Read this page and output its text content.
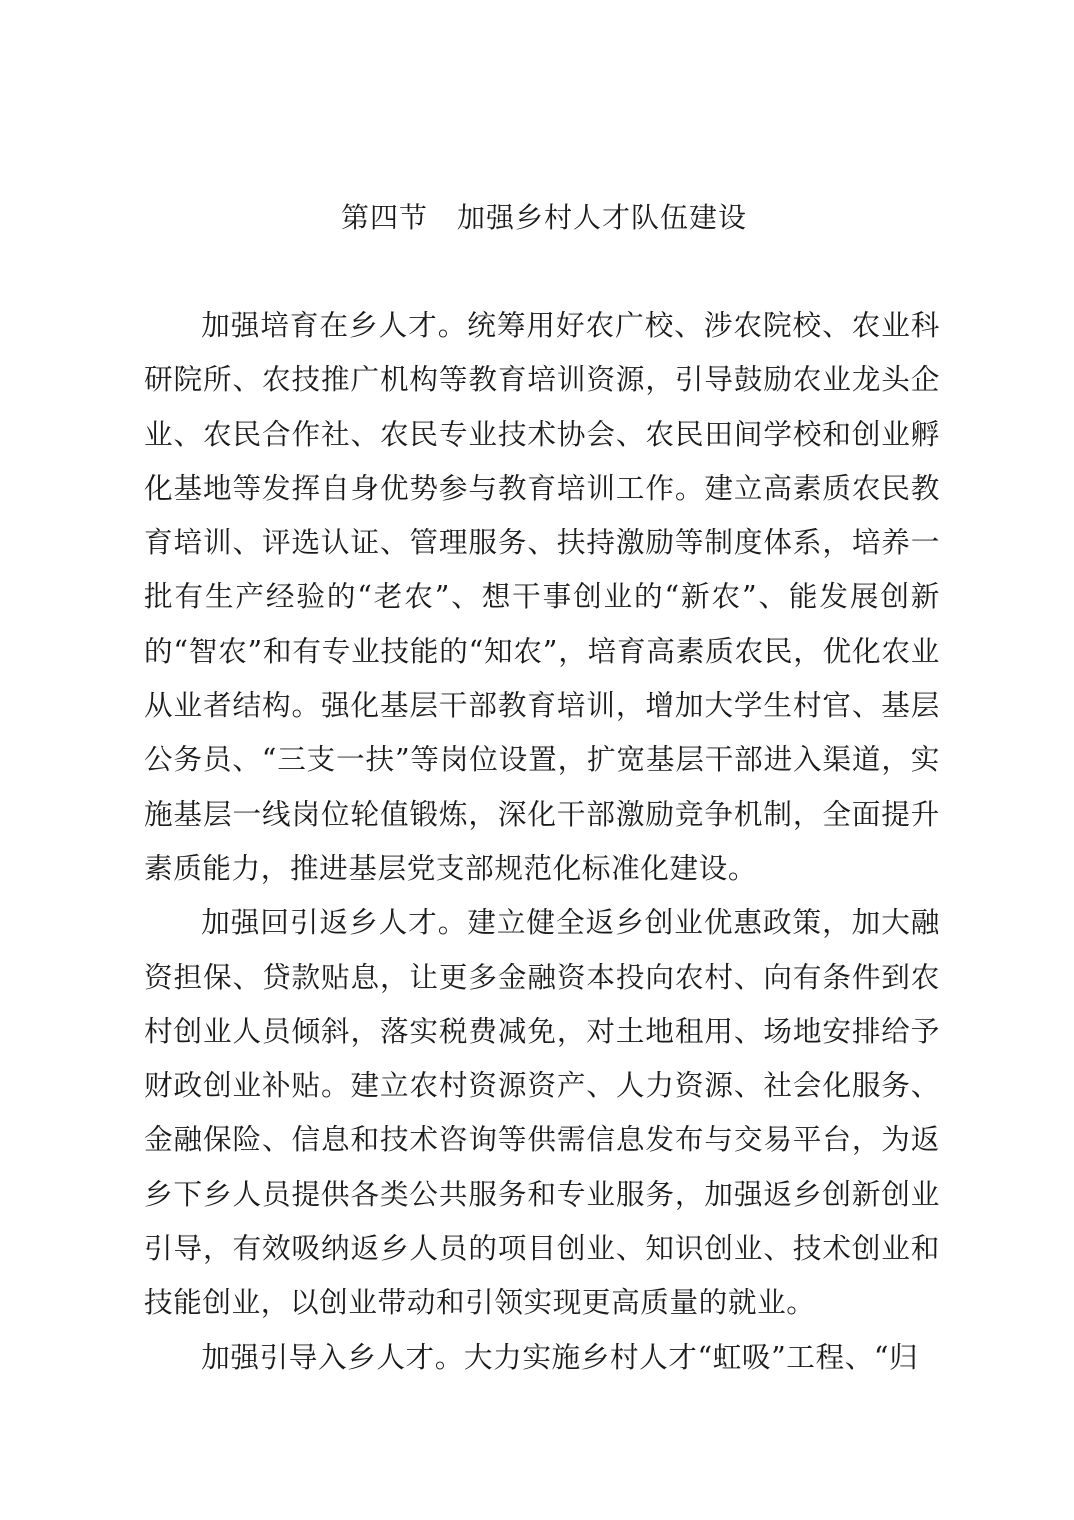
第四节　加强乡村人才队伍建设

加强培育在乡人才。统筹用好农广校、涉农院校、农业科研院所、农技推广机构等教育培训资源，引导鼓励农业龙头企业、农民合作社、农民专业技术协会、农民田间学校和创业孵化基地等发挥自身优势参与教育培训工作。建立高素质农民教育培训、评选认证、管理服务、扶持激励等制度体系，培养一批有生产经验的“老农”、想干事创业的“新农”、能发展创新的“智农”和有专业技能的“知农”，培育高素质农民，优化农业从业者结构。强化基层干部教育培训，增加大学生村官、基层公务员、“三支一扶”等岗位设置，扩宽基层干部进入渠道，实施基层一线岗位轮值锻炼，深化干部激励竞争机制，全面提升素质能力，推进基层党支部规范化标准化建设。

加强回引返乡人才。建立健全返乡创业优惠政策，加大融资担保、贷款贴息，让更多金融资本投向农村、向有条件到农村创业人员倾斜，落实税费减免，对土地租用、场地安排给予财政创业补贴。建立农村资源资产、人力资源、社会化服务、金融保险、信息和技术咨询等供需信息发布与交易平台，为返乡下乡人员提供各类公共服务和专业服务，加强返乡创新创业引导，有效吸纳返乡人员的项目创业、知识创业、技术创业和技能创业，以创业带动和引领实现更高质量的就业。

加强引导入乡人才。大力实施乡村人才“虹吸”工程、“归
